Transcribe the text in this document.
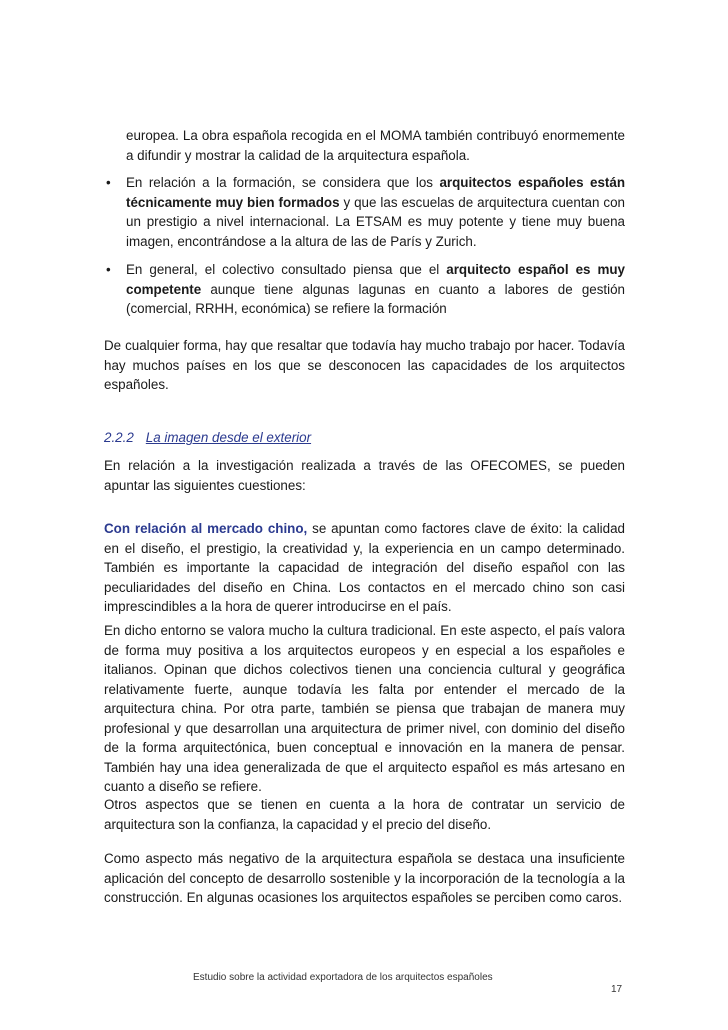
europea. La obra española recogida en el MOMA también contribuyó enormemente a difundir y mostrar la calidad de la arquitectura española.
• En relación a la formación, se considera que los arquitectos españoles están técnicamente muy bien formados y que las escuelas de arquitectura cuentan con un prestigio a nivel internacional. La ETSAM es muy potente y tiene muy buena imagen, encontrándose a la altura de las de París y Zurich.
• En general, el colectivo consultado piensa que el arquitecto español es muy competente aunque tiene algunas lagunas en cuanto a labores de gestión (comercial, RRHH, económica) se refiere la formación

De cualquier forma, hay que resaltar que todavía hay mucho trabajo por hacer. Todavía hay muchos países en los que se desconocen las capacidades de los arquitectos españoles.

2.2.2 La imagen desde el exterior

En relación a la investigación realizada a través de las OFECOMES, se pueden apuntar las siguientes cuestiones:

Con relación al mercado chino, se apuntan como factores clave de éxito: la calidad en el diseño, el prestigio, la creatividad y, la experiencia en un campo determinado. También es importante la capacidad de integración del diseño español con las peculiaridades del diseño en China. Los contactos en el mercado chino son casi imprescindibles a la hora de querer introducirse en el país.

En dicho entorno se valora mucho la cultura tradicional. En este aspecto, el país valora de forma muy positiva a los arquitectos europeos y en especial a los españoles e italianos. Opinan que dichos colectivos tienen una conciencia cultural y geográfica relativamente fuerte, aunque todavía les falta por entender el mercado de la arquitectura china. Por otra parte, también se piensa que trabajan de manera muy profesional y que desarrollan una arquitectura de primer nivel, con dominio del diseño de la forma arquitectónica, buen conceptual e innovación en la manera de pensar. También hay una idea generalizada de que el arquitecto español es más artesano en cuanto a diseño se refiere.

Otros aspectos que se tienen en cuenta a la hora de contratar un servicio de arquitectura son la confianza, la capacidad y el precio del diseño.

Como aspecto más negativo de la arquitectura española se destaca una insuficiente aplicación del concepto de desarrollo sostenible y la incorporación de la tecnología a la construcción. En algunas ocasiones los arquitectos españoles se perciben como caros.

Estudio sobre la actividad exportadora de los arquitectos españoles
17
